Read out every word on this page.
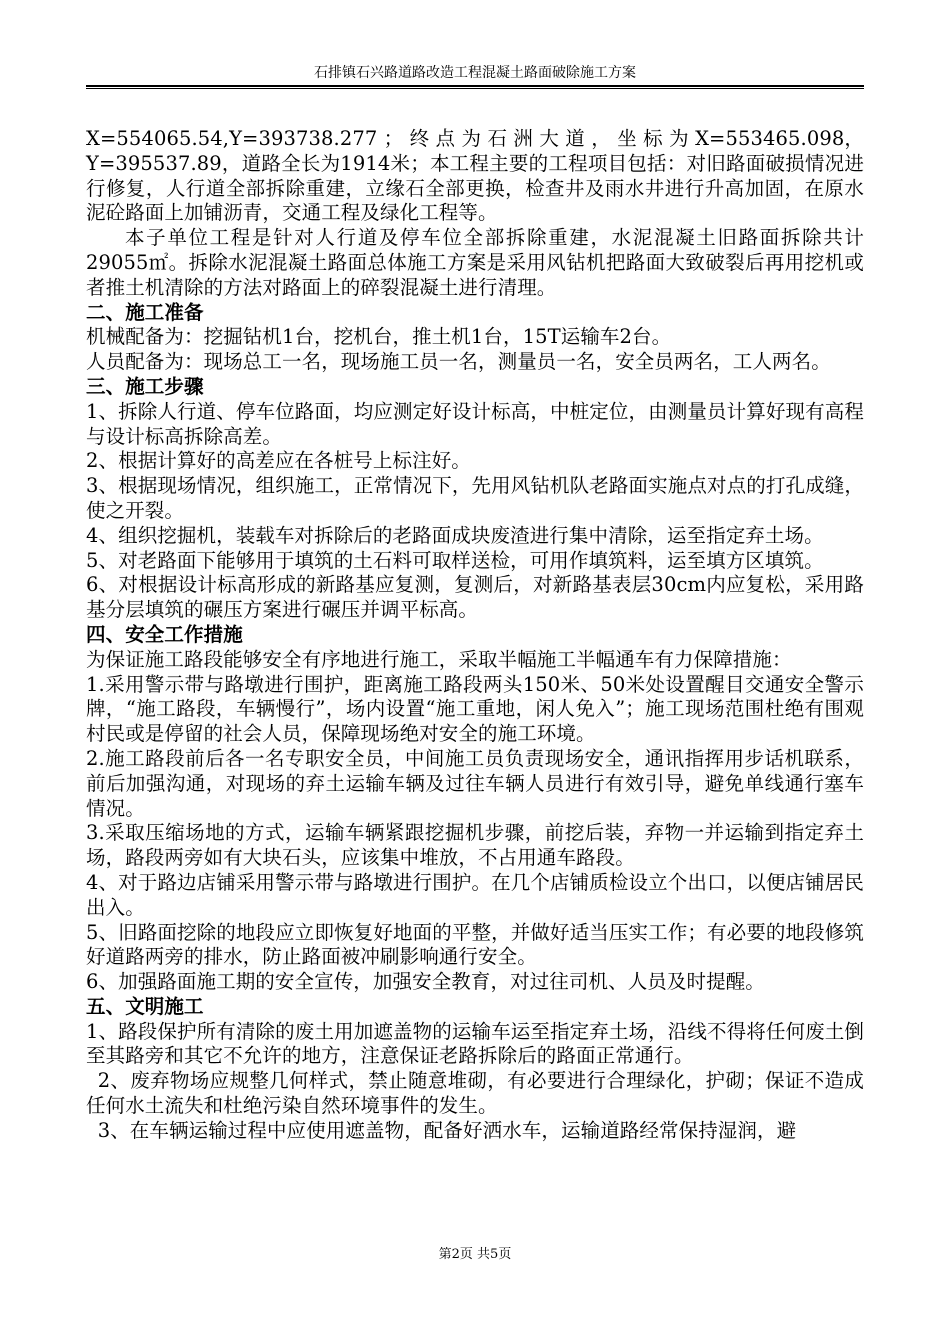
石排镇石兴路道路改造工程混凝土路面破除施工方案

X=554065.54,Y=393738.277 ； 终 点 为 石 洲 大 道 ， 坐 标 为 X=553465.098，Y=395537.89，道路全长为1914米；本工程主要的工程项目包括：对旧路面破损情况进行修复，人行道全部拆除重建，立缘石全部更换，检查井及雨水井进行升高加固，在原水泥砼路面上加铺沥青，交通工程及绿化工程等。

本子单位工程是针对人行道及停车位全部拆除重建，水泥混凝土旧路面拆除共计29055㎡。拆除水泥混凝土路面总体施工方案是采用风钻机把路面大致破裂后再用挖机或者推土机清除的方法对路面上的碎裂混凝土进行清理。

二、施工准备

机械配备为：挖掘钻机1台，挖机台，推土机1台，15T运输车2台。

人员配备为：现场总工一名，现场施工员一名，测量员一名，安全员两名，工人两名。

三、施工步骤

1、拆除人行道、停车位路面，均应测定好设计标高，中桩定位，由测量员计算好现有高程与设计标高拆除高差。

2、根据计算好的高差应在各桩号上标注好。

3、根据现场情况，组织施工，正常情况下，先用风钻机队老路面实施点对点的打孔成缝，使之开裂。

4、组织挖掘机，装载车对拆除后的老路面成块废渣进行集中清除，运至指定弃土场。

5、对老路面下能够用于填筑的土石料可取样送检，可用作填筑料，运至填方区填筑。

6、对根据设计标高形成的新路基应复测，复测后，对新路基表层30cm内应复松，采用路基分层填筑的碾压方案进行碾压并调平标高。

四、安全工作措施

为保证施工路段能够安全有序地进行施工，采取半幅施工半幅通车有力保障措施：

1.采用警示带与路墩进行围护，距离施工路段两头150米、50米处设置醒目交通安全警示牌，“施工路段，车辆慢行”，场内设置“施工重地，闲人免入”；施工现场范围杜绝有围观村民或是停留的社会人员，保障现场绝对安全的施工环境。

2.施工路段前后各一名专职安全员，中间施工员负责现场安全，通讯指挥用步话机联系，前后加强沟通，对现场的弃土运输车辆及过往车辆人员进行有效引导，避免单线通行塞车情况。

3.采取压缩场地的方式，运输车辆紧跟挖掘机步骤，前挖后装，弃物一并运输到指定弃土场，路段两旁如有大块石头，应该集中堆放，不占用通车路段。

4、对于路边店铺采用警示带与路墩进行围护。在几个店铺质检设立个出口，以便店铺居民出入。

5、旧路面挖除的地段应立即恢复好地面的平整，并做好适当压实工作；有必要的地段修筑好道路两旁的排水，防止路面被冲刷影响通行安全。

6、加强路面施工期的安全宣传，加强安全教育，对过往司机、人员及时提醒。

五、文明施工

1、路段保护所有清除的废土用加遮盖物的运输车运至指定弃土场，沿线不得将任何废土倒至其路旁和其它不允许的地方，注意保证老路拆除后的路面正常通行。

2、废弃物场应规整几何样式，禁止随意堆砌，有必要进行合理绿化，护砌；保证不造成任何水土流失和杜绝污染自然环境事件的发生。

3、在车辆运输过程中应使用遮盖物，配备好洒水车，运输道路经常保持湿润，避

第2页 共5页
